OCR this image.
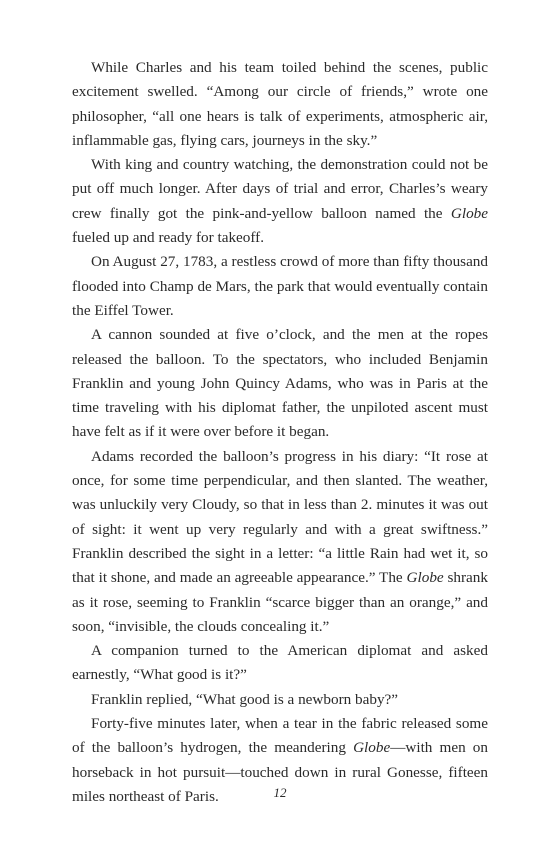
While Charles and his team toiled behind the scenes, public excitement swelled. “Among our circle of friends,” wrote one philosopher, “all one hears is talk of experiments, atmospheric air, inflammable gas, flying cars, journeys in the sky.”

With king and country watching, the demonstration could not be put off much longer. After days of trial and error, Charles’s weary crew finally got the pink-and-yellow balloon named the Globe fueled up and ready for takeoff.

On August 27, 1783, a restless crowd of more than fifty thousand flooded into Champ de Mars, the park that would eventually contain the Eiffel Tower.

A cannon sounded at five o’clock, and the men at the ropes released the balloon. To the spectators, who included Benjamin Franklin and young John Quincy Adams, who was in Paris at the time traveling with his diplomat father, the unpiloted ascent must have felt as if it were over before it began.

Adams recorded the balloon’s progress in his diary: “It rose at once, for some time perpendicular, and then slanted. The weather, was unluckily very Cloudy, so that in less than 2. minutes it was out of sight: it went up very regularly and with a great swiftness.” Franklin described the sight in a letter: “a little Rain had wet it, so that it shone, and made an agreeable appearance.” The Globe shrank as it rose, seeming to Franklin “scarce bigger than an orange,” and soon, “invisible, the clouds concealing it.”

A companion turned to the American diplomat and asked earnestly, “What good is it?”

Franklin replied, “What good is a newborn baby?”

Forty-five minutes later, when a tear in the fabric released some of the balloon’s hydrogen, the meandering Globe—with men on horseback in hot pursuit—touched down in rural Gonesse, fifteen miles northeast of Paris.	12
